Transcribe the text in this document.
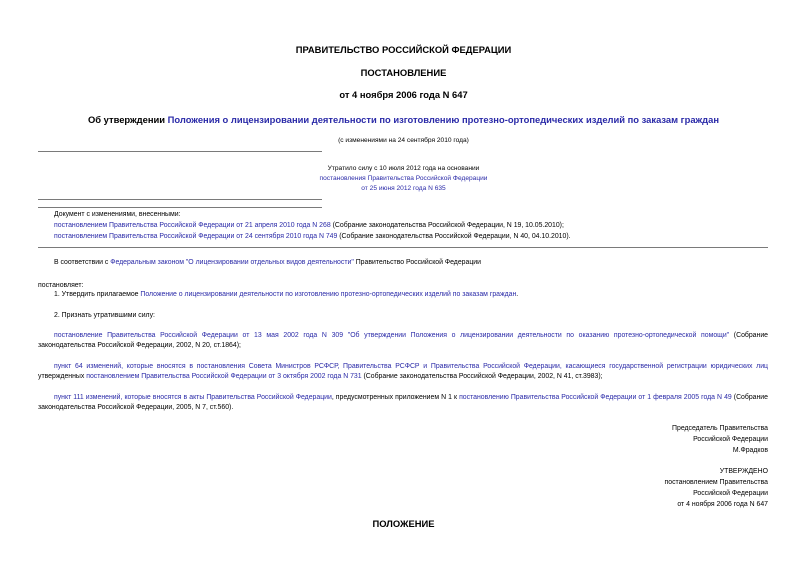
ПРАВИТЕЛЬСТВО РОССИЙСКОЙ ФЕДЕРАЦИИ
ПОСТАНОВЛЕНИЕ
от 4 ноября 2006 года N 647
Об утверждении Положения о лицензировании деятельности по изготовлению протезно-ортопедических изделий по заказам граждан
(с изменениями на 24 сентября 2010 года)
Утратило силу с 10 июля 2012 года на основании
постановления Правительства Российской Федерации
от 25 июня 2012 года N 635
Документ с изменениями, внесенными:
постановлением Правительства Российской Федерации от 21 апреля 2010 года N 268 (Собрание законодательства Российской Федерации, N 19, 10.05.2010);
постановлением Правительства Российской Федерации от 24 сентября 2010 года N 749 (Собрание законодательства Российской Федерации, N 40, 04.10.2010).
В соответствии с Федеральным законом "О лицензировании отдельных видов деятельности" Правительство Российской Федерации
постановляет:
1. Утвердить прилагаемое Положение о лицензировании деятельности по изготовлению протезно-ортопедических изделий по заказам граждан.
2. Признать утратившими силу:
постановление Правительства Российской Федерации от 13 мая 2002 года N 309 "Об утверждении Положения о лицензировании деятельности по оказанию протезно-ортопедической помощи" (Собрание законодательства Российской Федерации, 2002, N 20, ст.1864);
пункт 64 изменений, которые вносятся в постановления Совета Министров РСФСР, Правительства РСФСР и Правительства Российской Федерации, касающиеся государственной регистрации юридических лиц утвержденных постановлением Правительства Российской Федерации от 3 октября 2002 года N 731 (Собрание законодательства Российской Федерации, 2002, N 41, ст.3983);
пункт 111 изменений, которые вносятся в акты Правительства Российской Федерации, предусмотренных приложением N 1 к постановлению Правительства Российской Федерации от 1 февраля 2005 года N 49 (Собрание законодательства Российской Федерации, 2005, N 7, ст.560).
Председатель Правительства
Российской Федерации
М.Фрадков
УТВЕРЖДЕНО
постановлением Правительства
Российской Федерации
от 4 ноября 2006 года N 647
ПОЛОЖЕНИЕ
